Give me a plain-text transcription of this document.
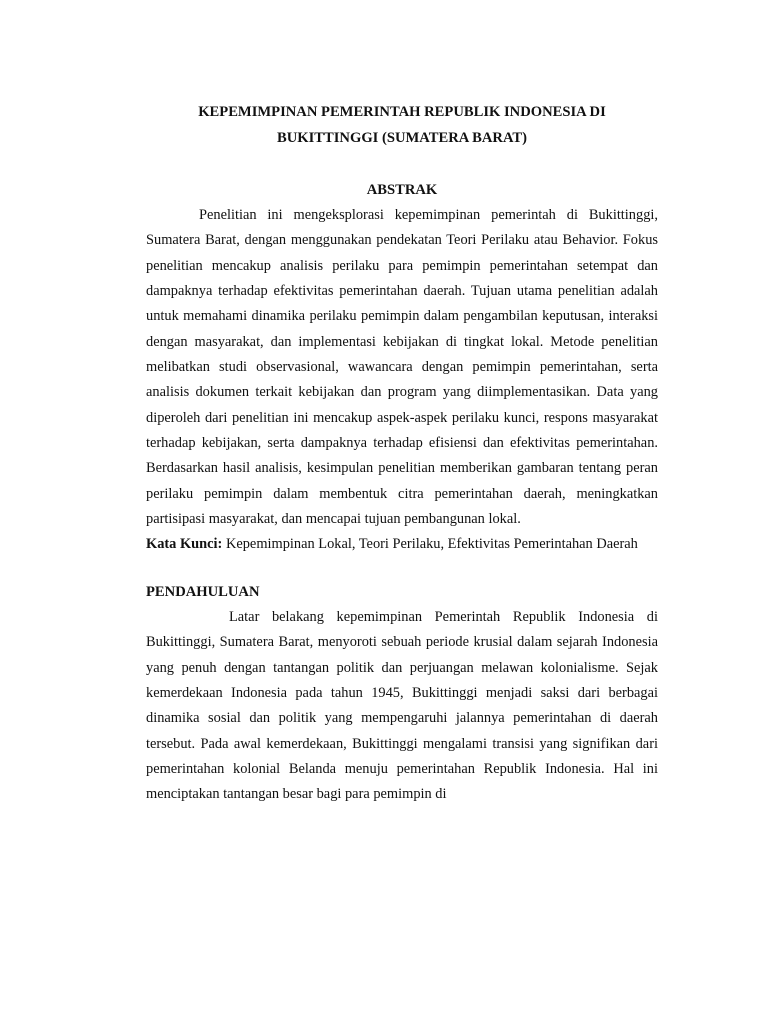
KEPEMIMPINAN PEMERINTAH REPUBLIK INDONESIA DI
BUKITTINGGI (SUMATERA BARAT)
ABSTRAK

Penelitian ini mengeksplorasi kepemimpinan pemerintah di Bukittinggi, Sumatera Barat, dengan menggunakan pendekatan Teori Perilaku atau Behavior. Fokus penelitian mencakup analisis perilaku para pemimpin pemerintahan setempat dan dampaknya terhadap efektivitas pemerintahan daerah. Tujuan utama penelitian adalah untuk memahami dinamika perilaku pemimpin dalam pengambilan keputusan, interaksi dengan masyarakat, dan implementasi kebijakan di tingkat lokal. Metode penelitian melibatkan studi observasional, wawancara dengan pemimpin pemerintahan, serta analisis dokumen terkait kebijakan dan program yang diimplementasikan. Data yang diperoleh dari penelitian ini mencakup aspek-aspek perilaku kunci, respons masyarakat terhadap kebijakan, serta dampaknya terhadap efisiensi dan efektivitas pemerintahan. Berdasarkan hasil analisis, kesimpulan penelitian memberikan gambaran tentang peran perilaku pemimpin dalam membentuk citra pemerintahan daerah, meningkatkan partisipasi masyarakat, dan mencapai tujuan pembangunan lokal.

Kata Kunci: Kepemimpinan Lokal, Teori Perilaku, Efektivitas Pemerintahan Daerah

PENDAHULUAN

Latar belakang kepemimpinan Pemerintah Republik Indonesia di Bukittinggi, Sumatera Barat, menyoroti sebuah periode krusial dalam sejarah Indonesia yang penuh dengan tantangan politik dan perjuangan melawan kolonialisme. Sejak kemerdekaan Indonesia pada tahun 1945, Bukittinggi menjadi saksi dari berbagai dinamika sosial dan politik yang mempengaruhi jalannya pemerintahan di daerah tersebut. Pada awal kemerdekaan, Bukittinggi mengalami transisi yang signifikan dari pemerintahan kolonial Belanda menuju pemerintahan Republik Indonesia. Hal ini menciptakan tantangan besar bagi para pemimpin di
